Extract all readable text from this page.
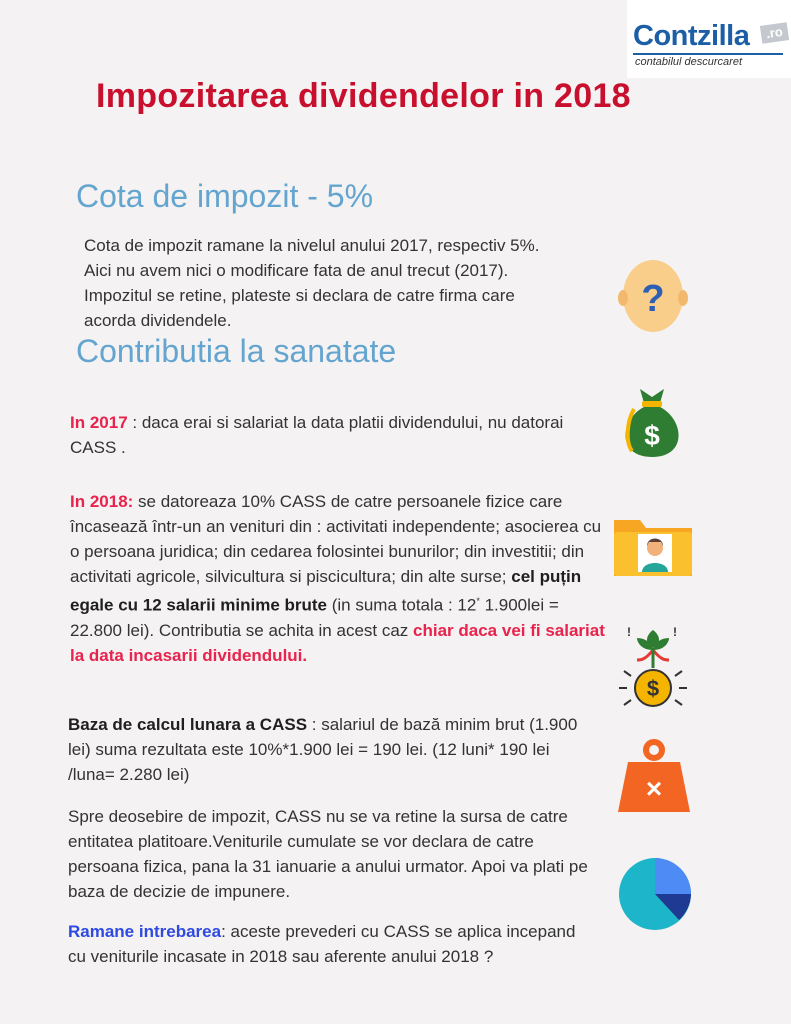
Contzilla	.ro
contabilul descurcaret
Impozitarea dividendelor in 2018
Cota de impozit - 5%
Cota de impozit ramane la nivelul anului 2017, respectiv 5%. Aici nu avem nici o modificare fata de anul trecut (2017). Impozitul se retine, plateste si declara de catre firma care acorda dividendele.
Contributia la sanatate
In 2017 : daca erai si salariat la data platii dividendului, nu datorai CASS .
In 2018: se datoreaza 10% CASS de catre persoanele fizice care încasează într-un an venituri din : activitati independente; asocierea cu o persoana juridica; din cedarea folosintei bunurilor; din investitii; din activitati agricole, silvicultura si piscicultura; din alte surse; cel puțin egale cu 12 salarii minime brute (in suma totala : 12* 1.900lei = 22.800 lei). Contributia se achita in acest caz chiar daca vei fi salariat la data incasarii dividendului.
Baza de calcul lunara a CASS : salariul de bază minim brut (1.900 lei) suma rezultata este 10%*1.900 lei = 190 lei. (12 luni* 190 lei /luna= 2.280 lei)
Spre deosebire de impozit, CASS nu se va retine la sursa de catre entitatea platitoare.Veniturile cumulate se vor declara de catre persoana fizica, pana la 31 ianuarie a anului urmator. Apoi va plati pe baza de decizie de impunere.
Ramane intrebarea: aceste prevederi cu CASS se aplica incepand cu veniturile incasate in 2018 sau aferente anului 2018 ?
?
$
!	!
$
×
